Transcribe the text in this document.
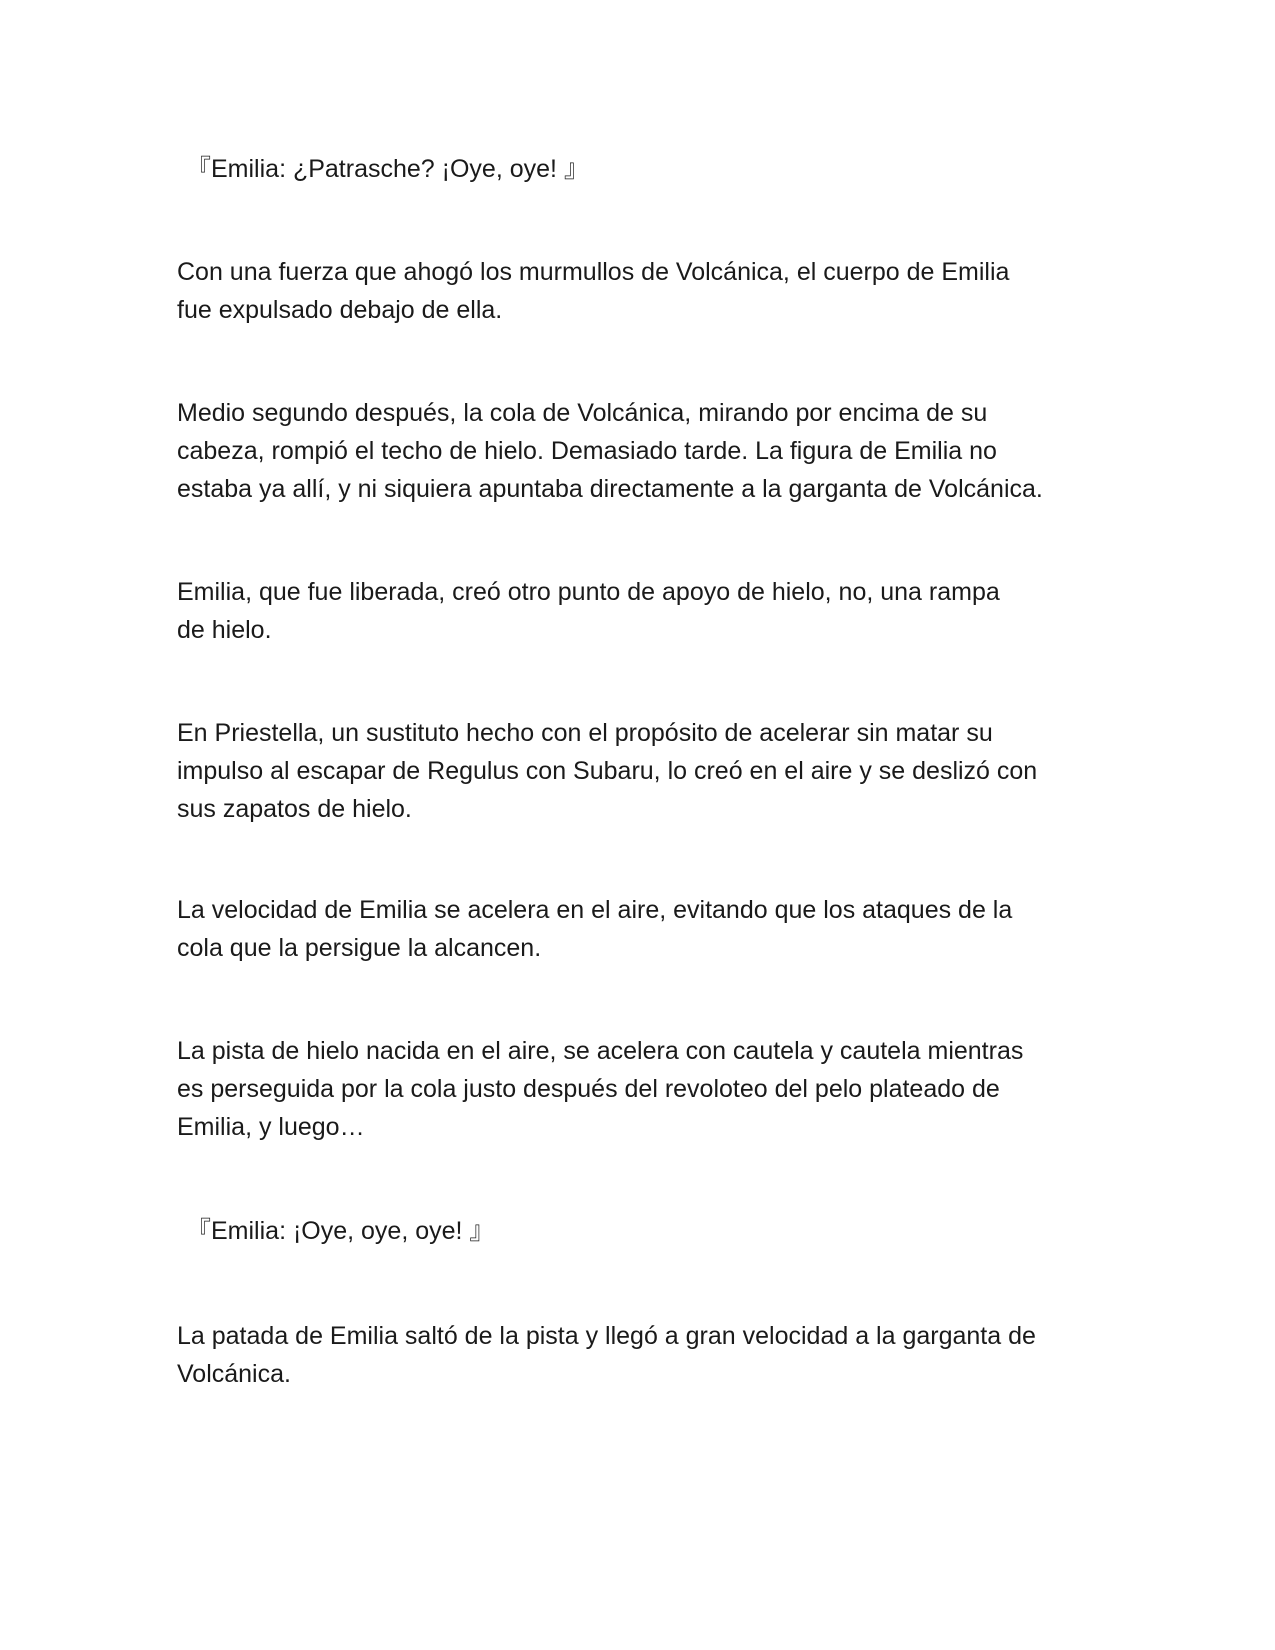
『Emilia: ¿Patrasche? ¡Oye, oye! 』

Con una fuerza que ahogó los murmullos de Volcánica, el cuerpo de Emilia
fue expulsado debajo de ella.

Medio segundo después, la cola de Volcánica, mirando por encima de su
cabeza, rompió el techo de hielo. Demasiado tarde. La figura de Emilia no
estaba ya allí, y ni siquiera apuntaba directamente a la garganta de Volcánica.

Emilia, que fue liberada, creó otro punto de apoyo de hielo, no, una rampa
de hielo.

En Priestella, un sustituto hecho con el propósito de acelerar sin matar su
impulso al escapar de Regulus con Subaru, lo creó en el aire y se deslizó con
sus zapatos de hielo.

La velocidad de Emilia se acelera en el aire, evitando que los ataques de la
cola que la persigue la alcancen.

La pista de hielo nacida en el aire, se acelera con cautela y cautela mientras
es perseguida por la cola justo después del revoloteo del pelo plateado de
Emilia, y luego…

『Emilia: ¡Oye, oye, oye! 』

La patada de Emilia saltó de la pista y llegó a gran velocidad a la garganta de
Volcánica.
